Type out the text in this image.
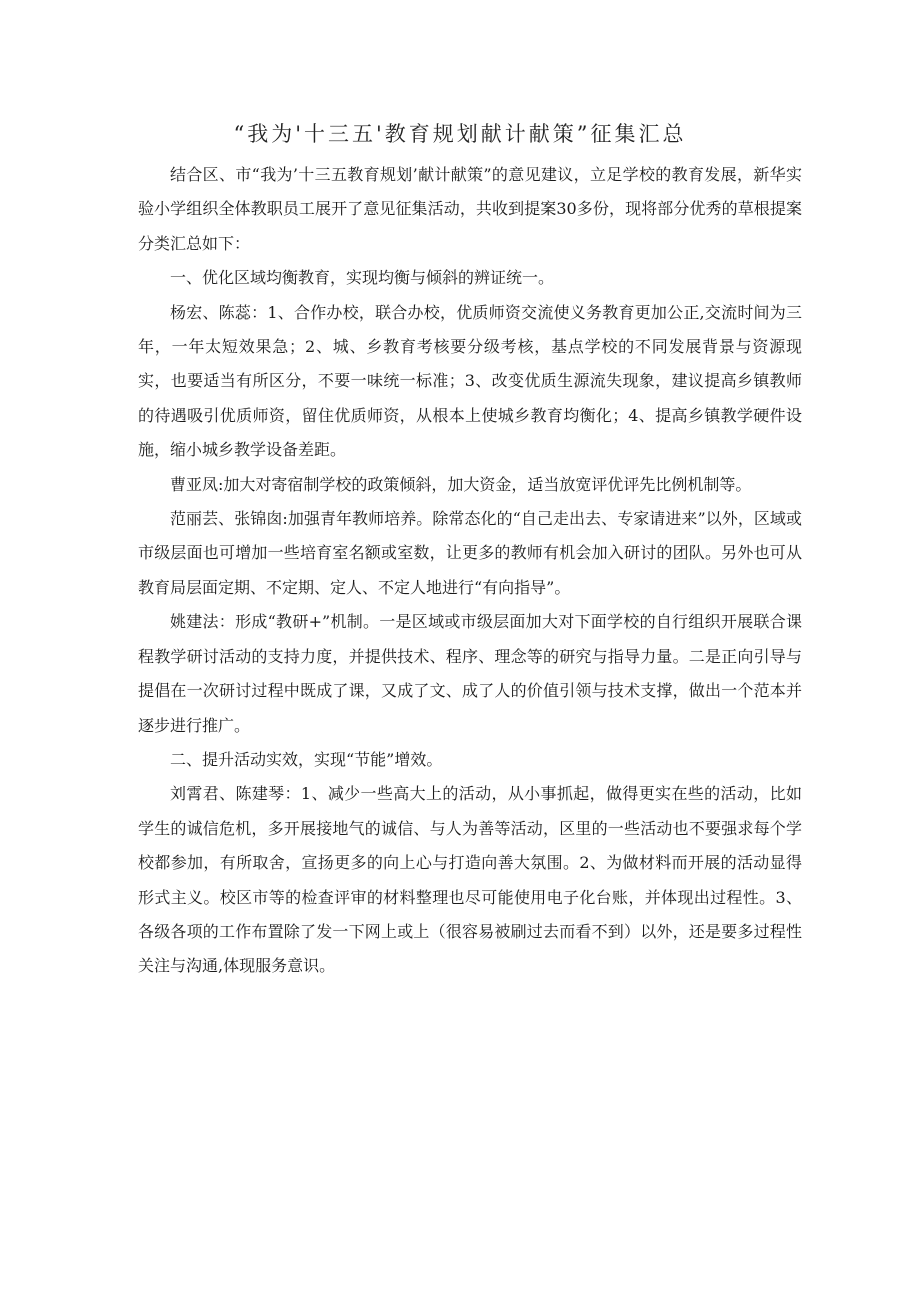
“我为'十三五'教育规划献计献策”征集汇总

结合区、市“我为’十三五教育规划’献计献策”的意见建议，立足学校的教育发展，新华实验小学组织全体教职员工展开了意见征集活动，共收到提案30多份，现将部分优秀的草根提案分类汇总如下：

一、优化区域均衡教育，实现均衡与倾斜的辨证统一。

杨宏、陈蕊：1、合作办校，联合办校，优质师资交流使义务教育更加公正,交流时间为三年，一年太短效果急；2、城、乡教育考核要分级考核，基点学校的不同发展背景与资源现实，也要适当有所区分，不要一味统一标准；3、改变优质生源流失现象，建议提高乡镇教师的待遇吸引优质师资，留住优质师资，从根本上使城乡教育均衡化；4、提高乡镇教学硬件设施，缩小城乡教学设备差距。

曹亚凤:加大对寄宿制学校的政策倾斜，加大资金，适当放宽评优评先比例机制等。

范丽芸、张锦囱:加强青年教师培养。除常态化的“自己走出去、专家请进来”以外，区域或市级层面也可增加一些培育室名额或室数，让更多的教师有机会加入研讨的团队。另外也可从教育局层面定期、不定期、定人、不定人地进行“有向指导”。

姚建法：形成“教研+”机制。一是区域或市级层面加大对下面学校的自行组织开展联合课程教学研讨活动的支持力度，并提供技术、程序、理念等的研究与指导力量。二是正向引导与提倡在一次研讨过程中既成了课，又成了文、成了人的价值引领与技术支撑，做出一个范本并逐步进行推广。

二、提升活动实效，实现“节能”增效。

刘霄君、陈建琴：1、减少一些高大上的活动，从小事抓起，做得更实在些的活动，比如学生的诚信危机，多开展接地气的诚信、与人为善等活动，区里的一些活动也不要强求每个学校都参加，有所取舍，宣扬更多的向上心与打造向善大氛围。2、为做材料而开展的活动显得形式主义。校区市等的检查评审的材料整理也尽可能使用电子化台账，并体现出过程性。3、各级各项的工作布置除了发一下网上或上（很容易被刷过去而看不到）以外，还是要多过程性关注与沟通,体现服务意识。
